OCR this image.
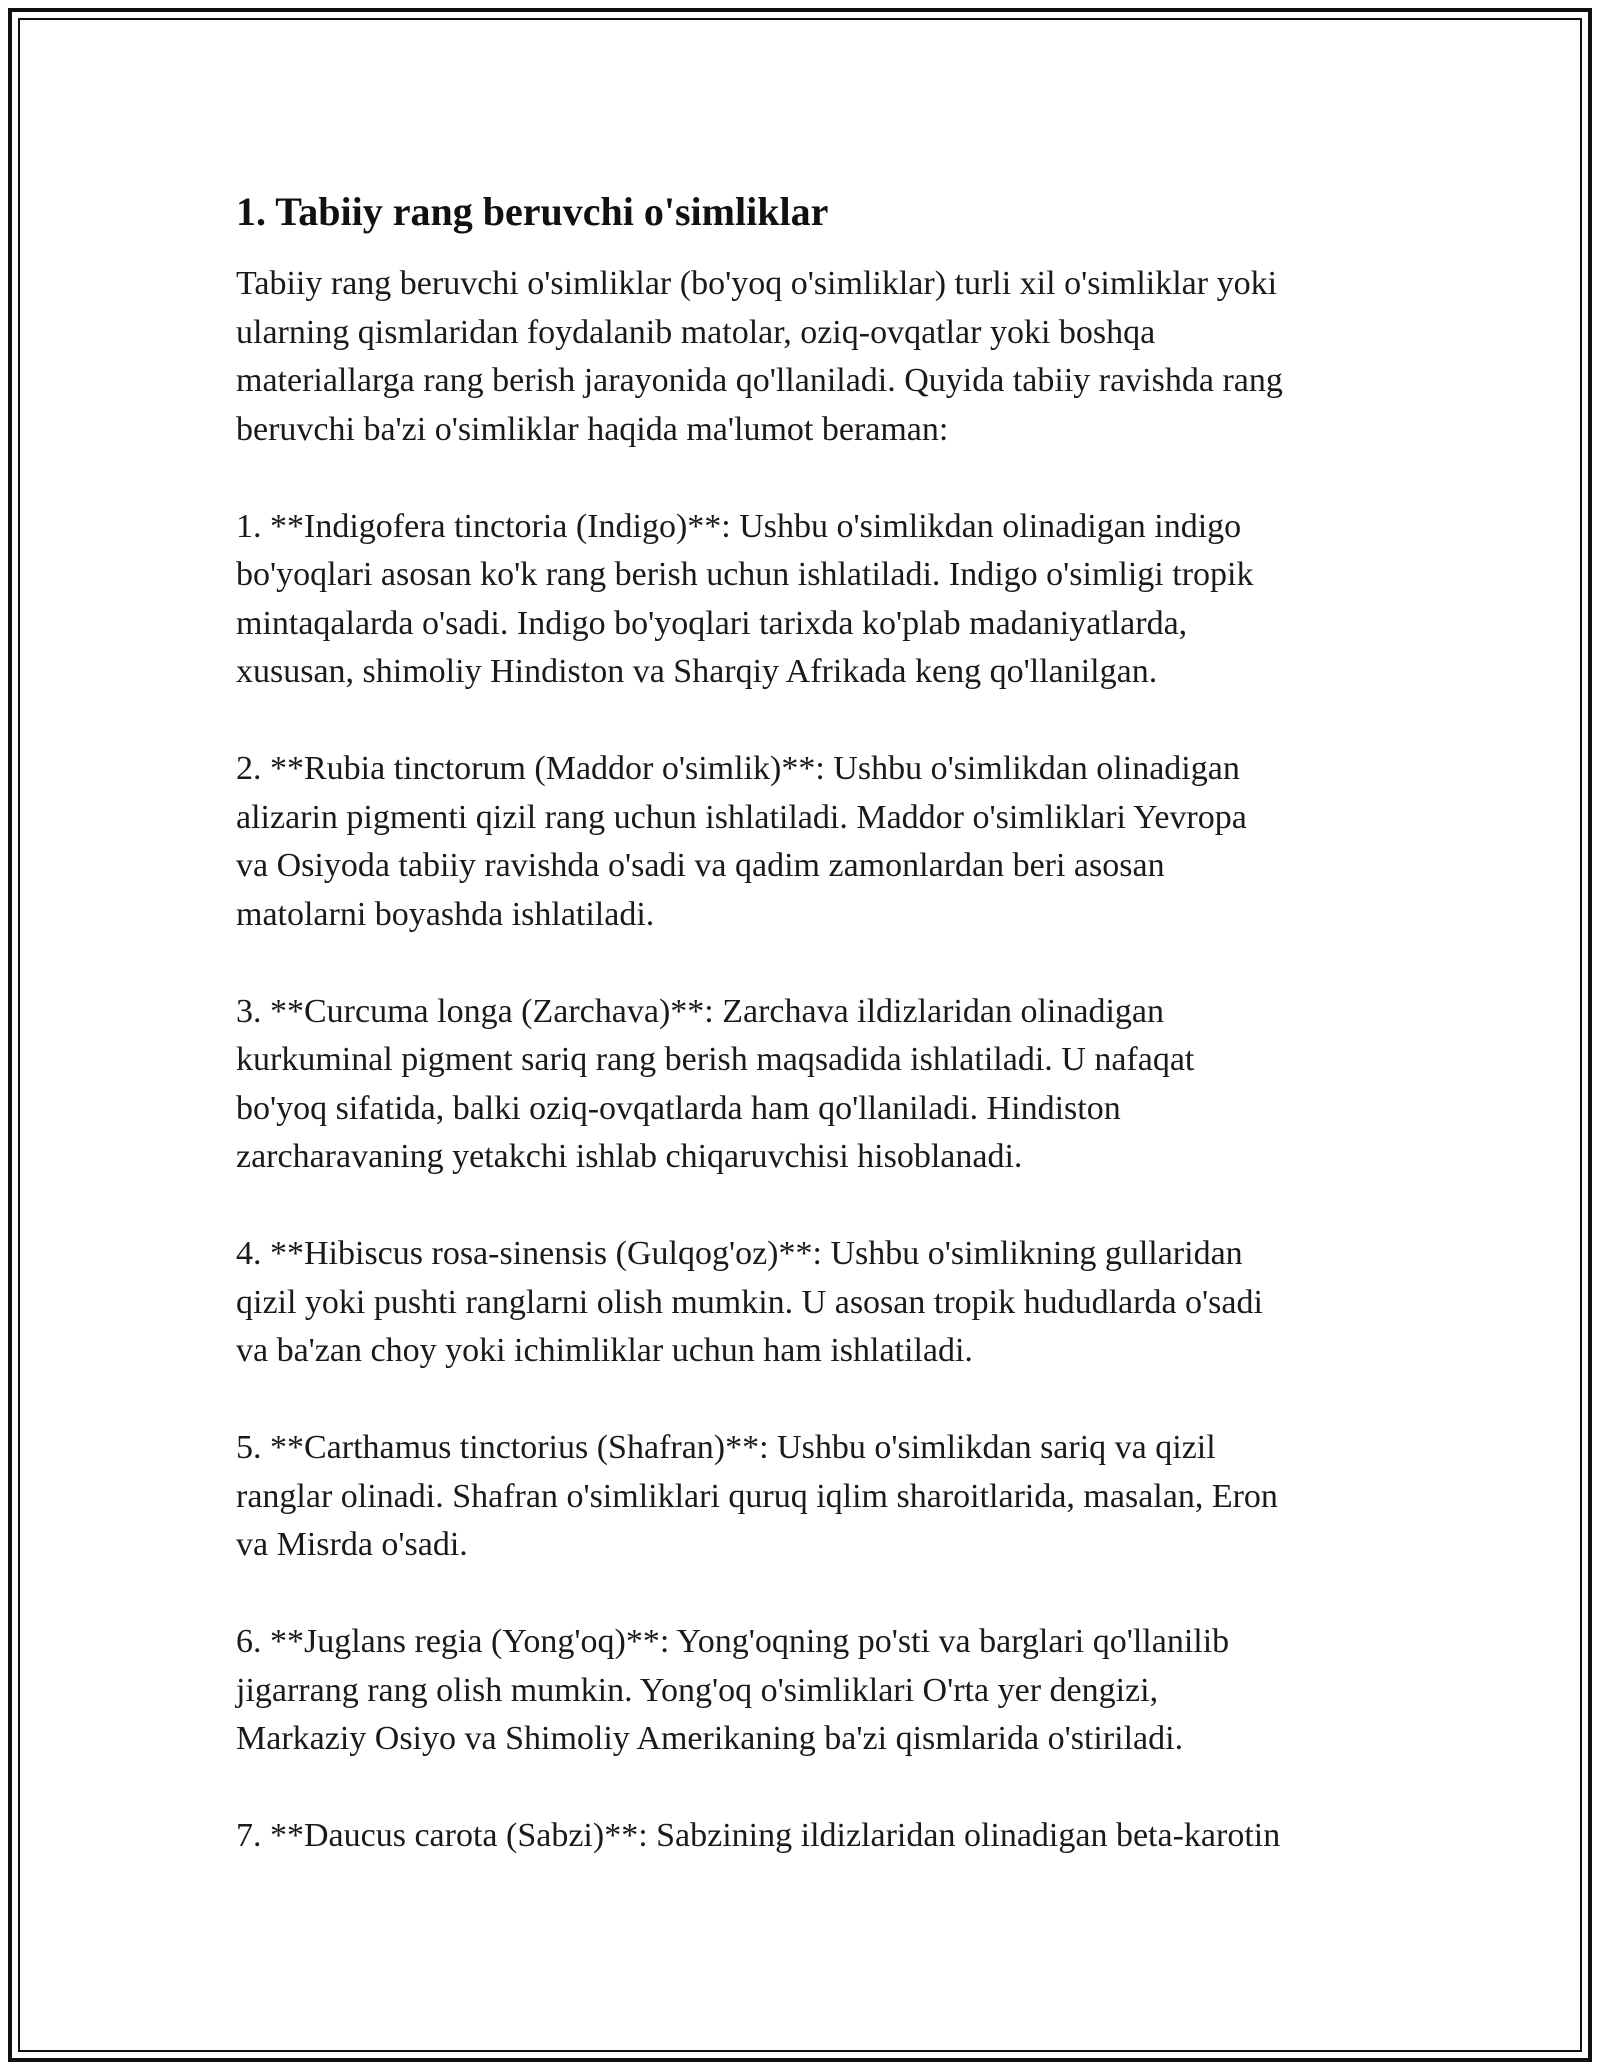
1. Tabiiy rang beruvchi o'simliklar

Tabiiy rang beruvchi o'simliklar (bo'yoq o'simliklar) turli xil o'simliklar yoki
ularning qismlaridan foydalanib matolar, oziq-ovqatlar yoki boshqa
materiallarga rang berish jarayonida qo'llaniladi. Quyida tabiiy ravishda rang
beruvchi ba'zi o'simliklar haqida ma'lumot beraman:

1. **Indigofera tinctoria (Indigo)**: Ushbu o'simlikdan olinadigan indigo
bo'yoqlari asosan ko'k rang berish uchun ishlatiladi. Indigo o'simligi tropik
mintaqalarda o'sadi. Indigo bo'yoqlari tarixda ko'plab madaniyatlarda,
xususan, shimoliy Hindiston va Sharqiy Afrikada keng qo'llanilgan.

2. **Rubia tinctorum (Maddor o'simlik)**: Ushbu o'simlikdan olinadigan
alizarin pigmenti qizil rang uchun ishlatiladi. Maddor o'simliklari Yevropa
va Osiyoda tabiiy ravishda o'sadi va qadim zamonlardan beri asosan
matolarni boyashda ishlatiladi.

3. **Curcuma longa (Zarchava)**: Zarchava ildizlaridan olinadigan
kurkuminal pigment sariq rang berish maqsadida ishlatiladi. U nafaqat
bo'yoq sifatida, balki oziq-ovqatlarda ham qo'llaniladi. Hindiston
zarcharavaning yetakchi ishlab chiqaruvchisi hisoblanadi.

4. **Hibiscus rosa-sinensis (Gulqog'oz)**: Ushbu o'simlikning gullaridan
qizil yoki pushti ranglarni olish mumkin. U asosan tropik hududlarda o'sadi
va ba'zan choy yoki ichimliklar uchun ham ishlatiladi.

5. **Carthamus tinctorius (Shafran)**: Ushbu o'simlikdan sariq va qizil
ranglar olinadi. Shafran o'simliklari quruq iqlim sharoitlarida, masalan, Eron
va Misrda o'sadi.

6. **Juglans regia (Yong'oq)**: Yong'oqning po'sti va barglari qo'llanilib
jigarrang rang olish mumkin. Yong'oq o'simliklari O'rta yer dengizi,
Markaziy Osiyo va Shimoliy Amerikaning ba'zi qismlarida o'stiriladi.

7. **Daucus carota (Sabzi)**: Sabzining ildizlaridan olinadigan beta-karotin
